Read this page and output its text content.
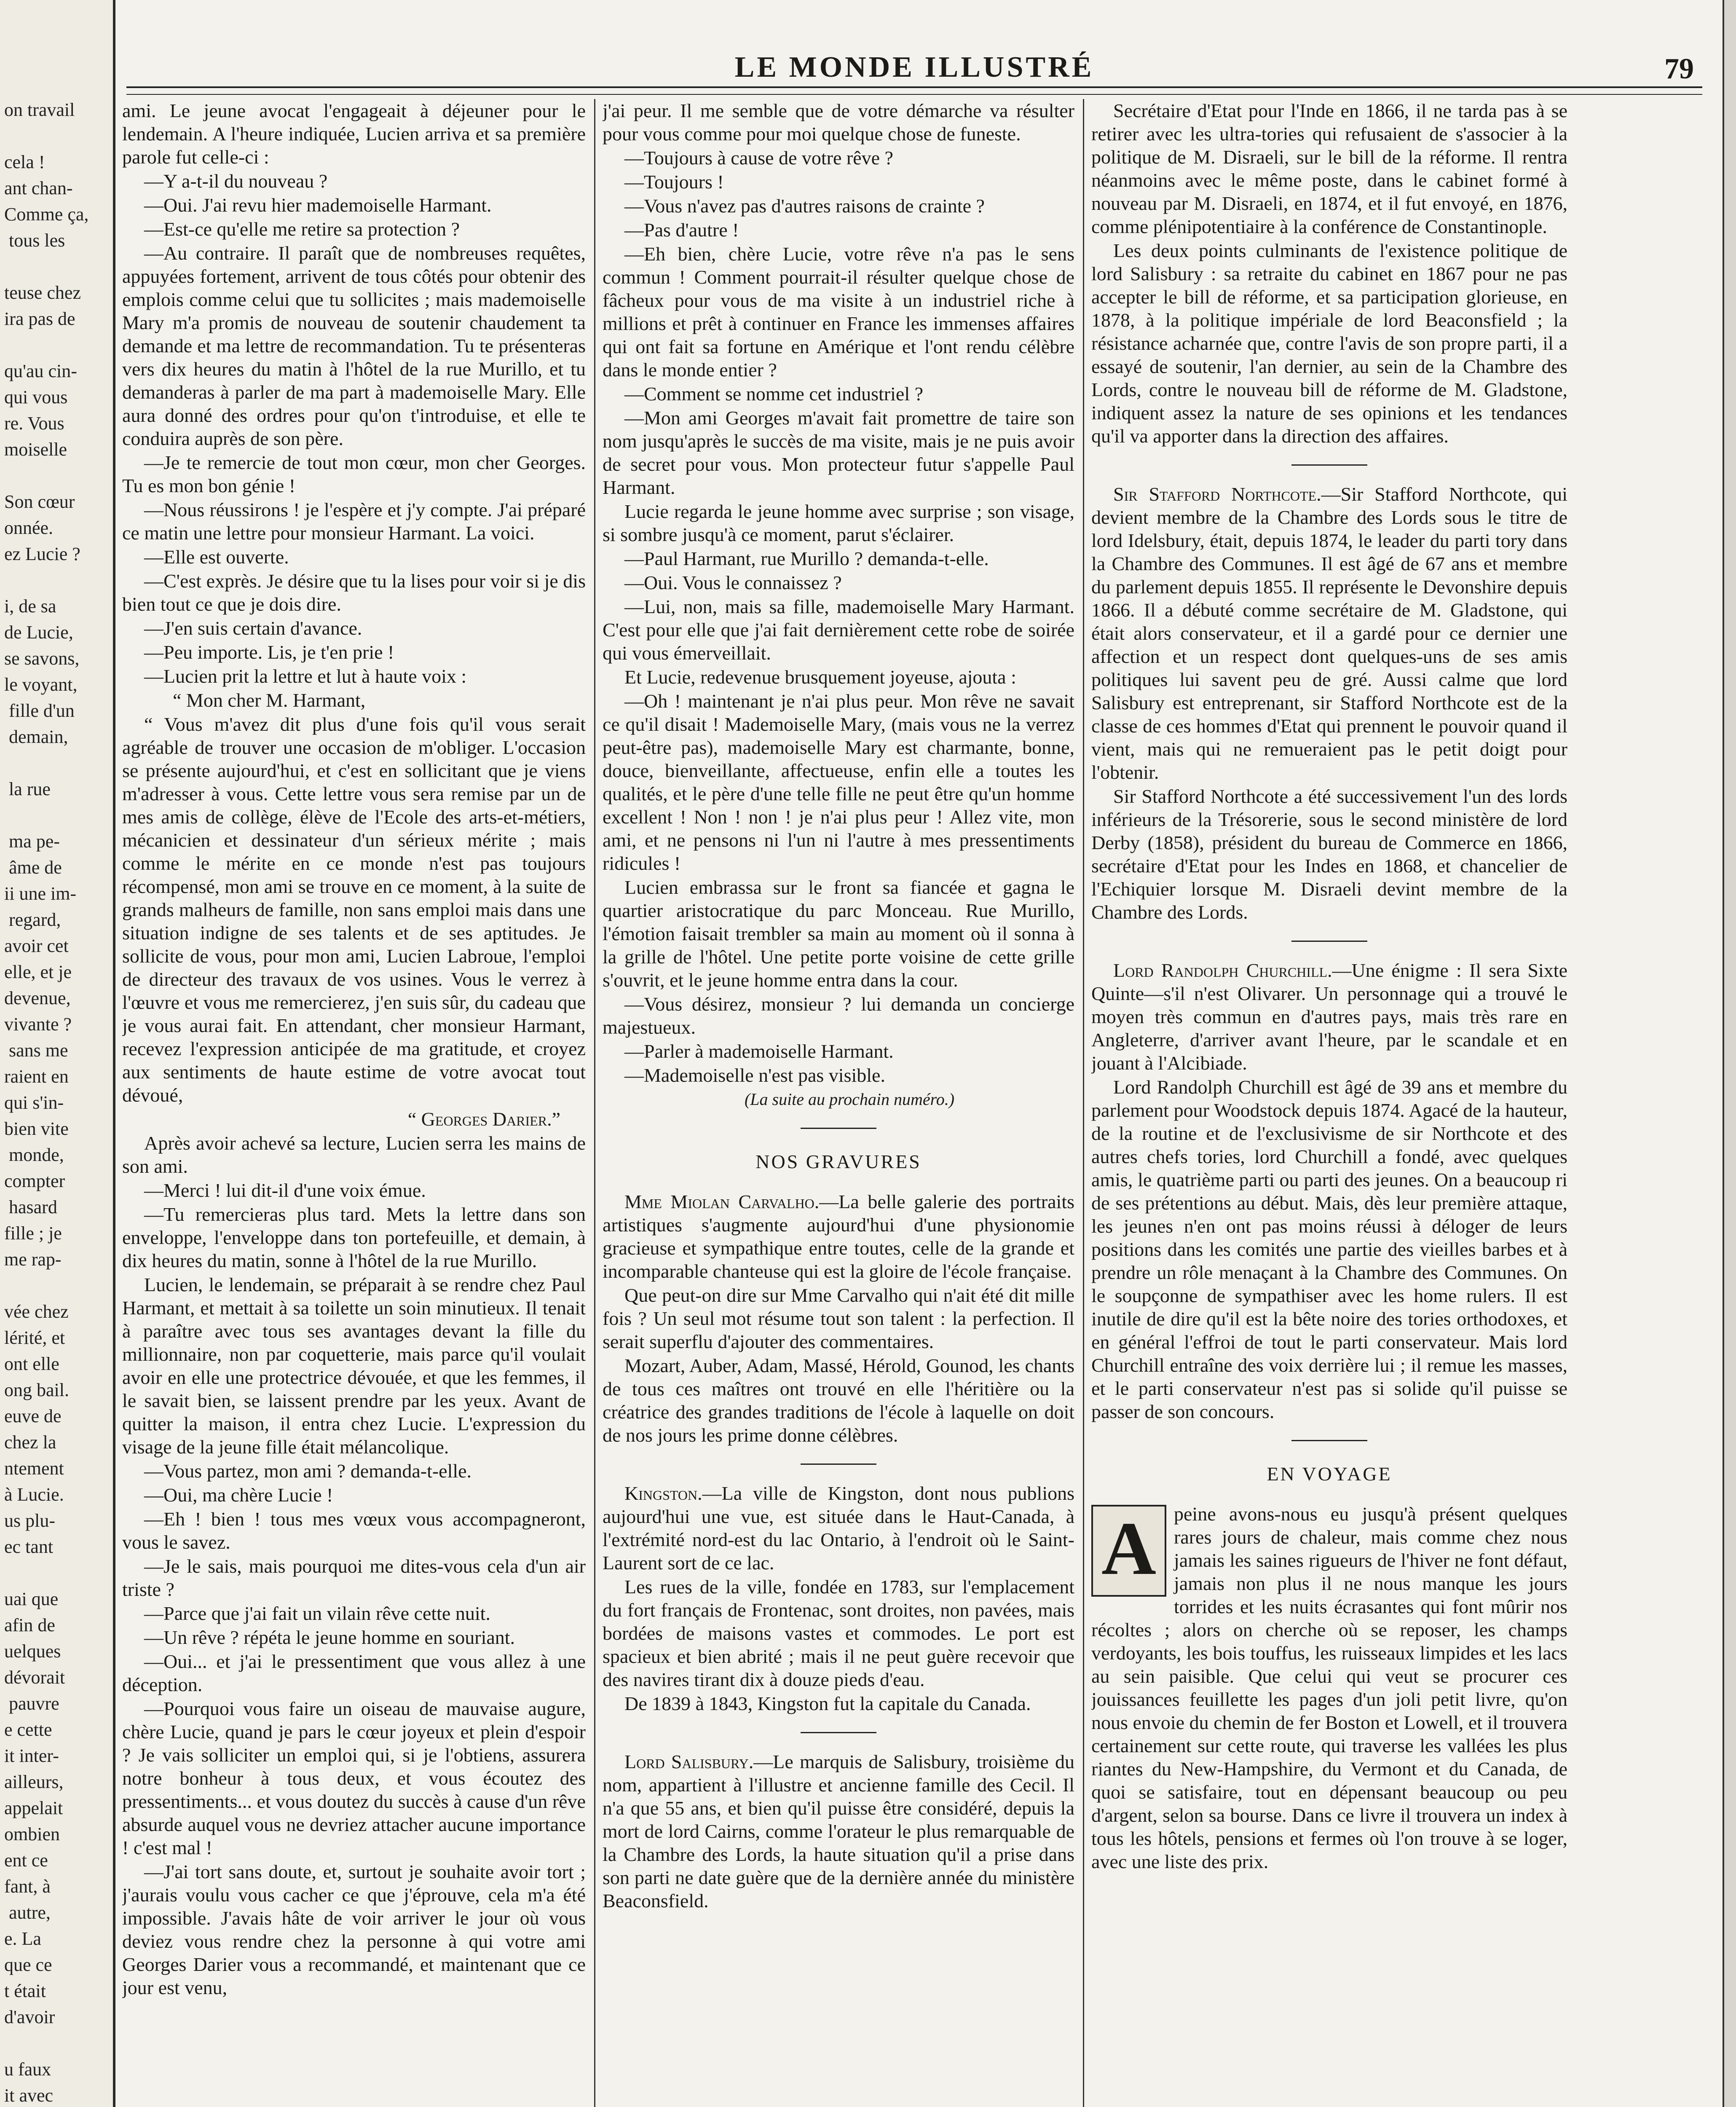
on travail

cela !
ant chan-
Comme ça,
tous les

teuse chez
ira pas de

qu'au cin-
qui vous
re. Vous
moiselle

Son cœur
onnée.
ez Lucie ?

i, de sa
de Lucie,
se savons,
le voyant,
fille d'un
demain,

la rue

ma pe-
âme de
ii une im-
regard,
avoir cet
elle, et je
devenue,
vivante ?
sans me
raient en
qui s'in-
bien vite
monde,
compter
hasard
fille ; je
me rap-

vée chez
lérité, et
ont elle
ong bail.
euve de
chez la
ntement
à Lucie.
us plu-
ec tant

uai que
afin de
uelques
dévorait
pauvre
e cette
it inter-
ailleurs,
appelait
ombien
ent ce
fant, à
autre,
e. La
que ce
t était
d'avoir

u faux
it avec

LE MONDE ILLUSTRÉ	79

ami. Le jeune avocat l'engageait à déjeuner pour le lendemain. A l'heure indiquée, Lucien arriva et sa première parole fut celle-ci :

—Y a-t-il du nouveau ?

—Oui. J'ai revu hier mademoiselle Harmant.

—Est-ce qu'elle me retire sa protection ?

—Au contraire. Il paraît que de nombreuses requêtes, appuyées fortement, arrivent de tous côtés pour obtenir des emplois comme celui que tu sollicites ; mais mademoiselle Mary m'a promis de nouveau de soutenir chaudement ta demande et ma lettre de recommandation. Tu te présenteras vers dix heures du matin à l'hôtel de la rue Murillo, et tu demanderas à parler de ma part à mademoiselle Mary. Elle aura donné des ordres pour qu'on t'introduise, et elle te conduira auprès de son père.

—Je te remercie de tout mon cœur, mon cher Georges. Tu es mon bon génie !

—Nous réussirons ! je l'espère et j'y compte. J'ai préparé ce matin une lettre pour monsieur Harmant. La voici.

—Elle est ouverte.

—C'est exprès. Je désire que tu la lises pour voir si je dis bien tout ce que je dois dire.

—J'en suis certain d'avance.

—Peu importe. Lis, je t'en prie !

—Lucien prit la lettre et lut à haute voix :

“ Mon cher M. Harmant,

“ Vous m'avez dit plus d'une fois qu'il vous serait agréable de trouver une occasion de m'obliger. L'occasion se présente aujourd'hui, et c'est en sollicitant que je viens m'adresser à vous. Cette lettre vous sera remise par un de mes amis de collège, élève de l'Ecole des arts-et-métiers, mécanicien et dessinateur d'un sérieux mérite ; mais comme le mérite en ce monde n'est pas toujours récompensé, mon ami se trouve en ce moment, à la suite de grands malheurs de famille, non sans emploi mais dans une situation indigne de ses talents et de ses aptitudes. Je sollicite de vous, pour mon ami, Lucien Labroue, l'emploi de directeur des travaux de vos usines. Vous le verrez à l'œuvre et vous me remercierez, j'en suis sûr, du cadeau que je vous aurai fait. En attendant, cher monsieur Harmant, recevez l'expression anticipée de ma gratitude, et croyez aux sentiments de haute estime de votre avocat tout dévoué,

“ Georges Darier.”

Après avoir achevé sa lecture, Lucien serra les mains de son ami.

—Merci ! lui dit-il d'une voix émue.

—Tu remercieras plus tard. Mets la lettre dans son enveloppe, l'enveloppe dans ton portefeuille, et demain, à dix heures du matin, sonne à l'hôtel de la rue Murillo.

Lucien, le lendemain, se préparait à se rendre chez Paul Harmant, et mettait à sa toilette un soin minutieux. Il tenait à paraître avec tous ses avantages devant la fille du millionnaire, non par coquetterie, mais parce qu'il voulait avoir en elle une protectrice dévouée, et que les femmes, il le savait bien, se laissent prendre par les yeux. Avant de quitter la maison, il entra chez Lucie. L'expression du visage de la jeune fille était mélancolique.

—Vous partez, mon ami ? demanda-t-elle.

—Oui, ma chère Lucie !

—Eh ! bien ! tous mes vœux vous accompagneront, vous le savez.

—Je le sais, mais pourquoi me dites-vous cela d'un air triste ?

—Parce que j'ai fait un vilain rêve cette nuit.

—Un rêve ? répéta le jeune homme en souriant.

—Oui... et j'ai le pressentiment que vous allez à une déception.

—Pourquoi vous faire un oiseau de mauvaise augure, chère Lucie, quand je pars le cœur joyeux et plein d'espoir ? Je vais solliciter un emploi qui, si je l'obtiens, assurera notre bonheur à tous deux, et vous écoutez des pressentiments... et vous doutez du succès à cause d'un rêve absurde auquel vous ne devriez attacher aucune importance ! c'est mal !

—J'ai tort sans doute, et, surtout je souhaite avoir tort ; j'aurais voulu vous cacher ce que j'éprouve, cela m'a été impossible. J'avais hâte de voir arriver le jour où vous deviez vous rendre chez la personne à qui votre ami Georges Darier vous a recommandé, et maintenant que ce jour est venu,

j'ai peur. Il me semble que de votre démarche va résulter pour vous comme pour moi quelque chose de funeste.

—Toujours à cause de votre rêve ?

—Toujours !

—Vous n'avez pas d'autres raisons de crainte ?

—Pas d'autre !

—Eh bien, chère Lucie, votre rêve n'a pas le sens commun ! Comment pourrait-il résulter quelque chose de fâcheux pour vous de ma visite à un industriel riche à millions et prêt à continuer en France les immenses affaires qui ont fait sa fortune en Amérique et l'ont rendu célèbre dans le monde entier ?

—Comment se nomme cet industriel ?

—Mon ami Georges m'avait fait promettre de taire son nom jusqu'après le succès de ma visite, mais je ne puis avoir de secret pour vous. Mon protecteur futur s'appelle Paul Harmant.

Lucie regarda le jeune homme avec surprise ; son visage, si sombre jusqu'à ce moment, parut s'éclairer.

—Paul Harmant, rue Murillo ? demanda-t-elle.

—Oui. Vous le connaissez ?

—Lui, non, mais sa fille, mademoiselle Mary Harmant. C'est pour elle que j'ai fait dernièrement cette robe de soirée qui vous émerveillait.

Et Lucie, redevenue brusquement joyeuse, ajouta :

—Oh ! maintenant je n'ai plus peur. Mon rêve ne savait ce qu'il disait ! Mademoiselle Mary, (mais vous ne la verrez peut-être pas), mademoiselle Mary est charmante, bonne, douce, bienveillante, affectueuse, enfin elle a toutes les qualités, et le père d'une telle fille ne peut être qu'un homme excellent ! Non ! non ! je n'ai plus peur ! Allez vite, mon ami, et ne pensons ni l'un ni l'autre à mes pressentiments ridicules !

Lucien embrassa sur le front sa fiancée et gagna le quartier aristocratique du parc Monceau. Rue Murillo, l'émotion faisait trembler sa main au moment où il sonna à la grille de l'hôtel. Une petite porte voisine de cette grille s'ouvrit, et le jeune homme entra dans la cour.

—Vous désirez, monsieur ? lui demanda un concierge majestueux.

—Parler à mademoiselle Harmant.

—Mademoiselle n'est pas visible.

(La suite au prochain numéro.)

NOS GRAVURES

Mme Miolan Carvalho.—La belle galerie des portraits artistiques s'augmente aujourd'hui d'une physionomie gracieuse et sympathique entre toutes, celle de la grande et incomparable chanteuse qui est la gloire de l'école française.

Que peut-on dire sur Mme Carvalho qui n'ait été dit mille fois ? Un seul mot résume tout son talent : la perfection. Il serait superflu d'ajouter des commentaires.

Mozart, Auber, Adam, Massé, Hérold, Gounod, les chants de tous ces maîtres ont trouvé en elle l'héritière ou la créatrice des grandes traditions de l'école à laquelle on doit de nos jours les prime donne célèbres.

Kingston.—La ville de Kingston, dont nous publions aujourd'hui une vue, est située dans le Haut-Canada, à l'extrémité nord-est du lac Ontario, à l'endroit où le Saint-Laurent sort de ce lac.

Les rues de la ville, fondée en 1783, sur l'emplacement du fort français de Frontenac, sont droites, non pavées, mais bordées de maisons vastes et commodes. Le port est spacieux et bien abrité ; mais il ne peut guère recevoir que des navires tirant dix à douze pieds d'eau.

De 1839 à 1843, Kingston fut la capitale du Canada.

Lord Salisbury.—Le marquis de Salisbury, troisième du nom, appartient à l'illustre et ancienne famille des Cecil. Il n'a que 55 ans, et bien qu'il puisse être considéré, depuis la mort de lord Cairns, comme l'orateur le plus remarquable de la Chambre des Lords, la haute situation qu'il a prise dans son parti ne date guère que de la dernière année du ministère Beaconsfield.

Secrétaire d'Etat pour l'Inde en 1866, il ne tarda pas à se retirer avec les ultra-tories qui refusaient de s'associer à la politique de M. Disraeli, sur le bill de la réforme. Il rentra néanmoins avec le même poste, dans le cabinet formé à nouveau par M. Disraeli, en 1874, et il fut envoyé, en 1876, comme plénipotentiaire à la conférence de Constantinople.

Les deux points culminants de l'existence politique de lord Salisbury : sa retraite du cabinet en 1867 pour ne pas accepter le bill de réforme, et sa participation glorieuse, en 1878, à la politique impériale de lord Beaconsfield ; la résistance acharnée que, contre l'avis de son propre parti, il a essayé de soutenir, l'an dernier, au sein de la Chambre des Lords, contre le nouveau bill de réforme de M. Gladstone, indiquent assez la nature de ses opinions et les tendances qu'il va apporter dans la direction des affaires.

Sir Stafford Northcote.—Sir Stafford Northcote, qui devient membre de la Chambre des Lords sous le titre de lord Idelsbury, était, depuis 1874, le leader du parti tory dans la Chambre des Communes. Il est âgé de 67 ans et membre du parlement depuis 1855. Il représente le Devonshire depuis 1866. Il a débuté comme secrétaire de M. Gladstone, qui était alors conservateur, et il a gardé pour ce dernier une affection et un respect dont quelques-uns de ses amis politiques lui savent peu de gré. Aussi calme que lord Salisbury est entreprenant, sir Stafford Northcote est de la classe de ces hommes d'Etat qui prennent le pouvoir quand il vient, mais qui ne remueraient pas le petit doigt pour l'obtenir.

Sir Stafford Northcote a été successivement l'un des lords inférieurs de la Trésorerie, sous le second ministère de lord Derby (1858), président du bureau de Commerce en 1866, secrétaire d'Etat pour les Indes en 1868, et chancelier de l'Echiquier lorsque M. Disraeli devint membre de la Chambre des Lords.

Lord Randolph Churchill.—Une énigme : Il sera Sixte Quinte—s'il n'est Olivarer. Un personnage qui a trouvé le moyen très commun en d'autres pays, mais très rare en Angleterre, d'arriver avant l'heure, par le scandale et en jouant à l'Alcibiade.

Lord Randolph Churchill est âgé de 39 ans et membre du parlement pour Woodstock depuis 1874. Agacé de la hauteur, de la routine et de l'exclusivisme de sir Northcote et des autres chefs tories, lord Churchill a fondé, avec quelques amis, le quatrième parti ou parti des jeunes. On a beaucoup ri de ses prétentions au début. Mais, dès leur première attaque, les jeunes n'en ont pas moins réussi à déloger de leurs positions dans les comités une partie des vieilles barbes et à prendre un rôle menaçant à la Chambre des Communes. On le soupçonne de sympathiser avec les home rulers. Il est inutile de dire qu'il est la bête noire des tories orthodoxes, et en général l'effroi de tout le parti conservateur. Mais lord Churchill entraîne des voix derrière lui ; il remue les masses, et le parti conservateur n'est pas si solide qu'il puisse se passer de son concours.

EN VOYAGE
A peine avons-nous eu jusqu'à présent quelques rares jours de chaleur, mais comme chez nous jamais les saines rigueurs de l'hiver ne font défaut, jamais non plus il ne nous manque les jours torrides et les nuits écrasantes qui font mûrir nos récoltes ; alors on cherche où se reposer, les champs verdoyants, les bois touffus, les ruisseaux limpides et les lacs au sein paisible. Que celui qui veut se procurer ces jouissances feuillette les pages d'un joli petit livre, qu'on nous envoie du chemin de fer Boston et Lowell, et il trouvera certainement sur cette route, qui traverse les vallées les plus riantes du New-Hampshire, du Vermont et du Canada, de quoi se satisfaire, tout en dépensant beaucoup ou peu d'argent, selon sa bourse. Dans ce livre il trouvera un index à tous les hôtels, pensions et fermes où l'on trouve à se loger, avec une liste des prix.
